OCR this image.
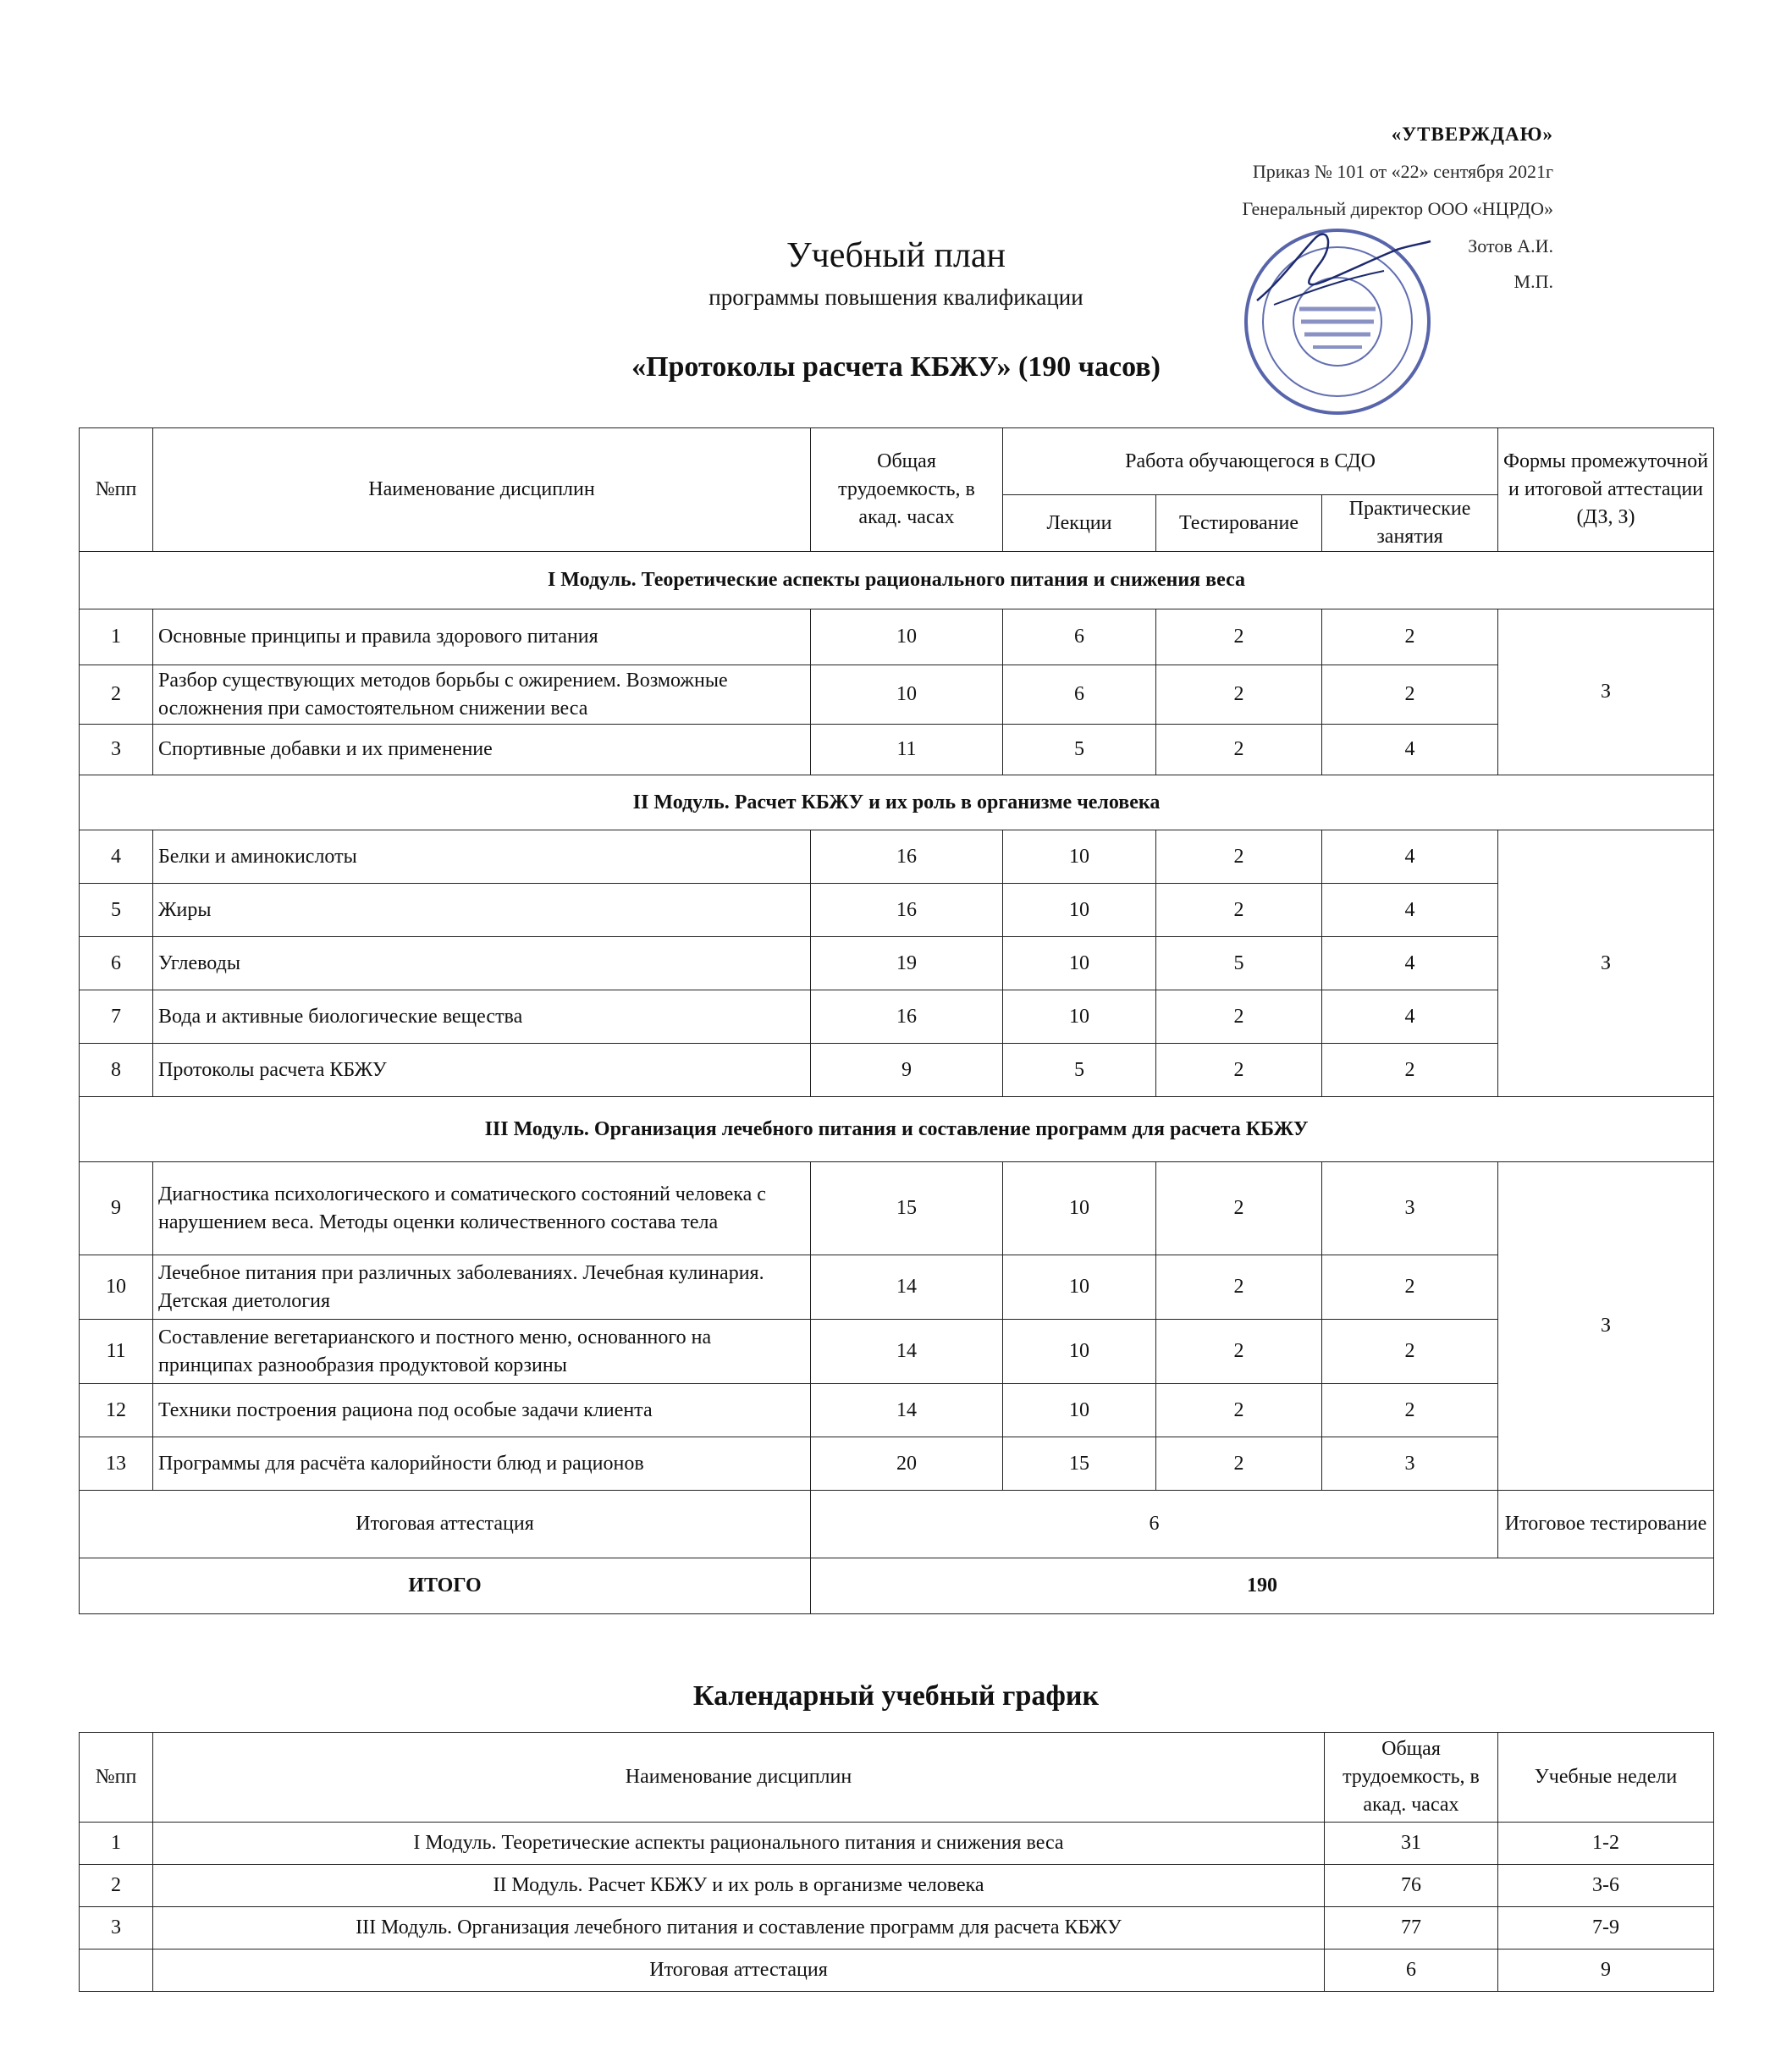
«УТВЕРЖДАЮ»
Приказ № 101 от «22» сентября 2021г
Генеральный директор ООО «НЦРДО»
Зотов А.И.
М.П.
Учебный план
программы повышения квалификации
«Протоколы расчета КБЖУ» (190 часов)
№пп	Наименование дисциплин	Общая трудоемкость, в акад. часах	Работа обучающегося в СДО			Формы промежуточной и итоговой аттестации (ДЗ, З)
			Лекции	Тестирование	Практические занятия	
I Модуль. Теоретические аспекты рационального питания и снижения веса						
1	Основные принципы и правила здорового питания	10	6	2	2	З
2	Разбор существующих методов борьбы с ожирением. Возможные осложнения при самостоятельном снижении веса	10	6	2	2	
3	Спортивные добавки и их применение	11	5	2	4	
II Модуль. Расчет КБЖУ и их роль в организме человека						
4	Белки и аминокислоты	16	10	2	4	З
5	Жиры	16	10	2	4	
6	Углеводы	19	10	5	4	
7	Вода и активные биологические вещества	16	10	2	4	
8	Протоколы расчета КБЖУ	9	5	2	2	
III Модуль. Организация лечебного питания и составление программ для расчета КБЖУ						
9	Диагностика психологического и соматического состояний человека с нарушением веса. Методы оценки количественного состава тела	15	10	2	3	З
10	Лечебное питания при различных заболеваниях. Лечебная кулинария. Детская диетология	14	10	2	2	
11	Составление вегетарианского и постного меню, основанного на принципах разнообразия продуктовой корзины	14	10	2	2	
12	Техники построения рациона под особые задачи клиента	14	10	2	2	
13	Программы для расчёта калорийности блюд и рационов	20	15	2	3	
Итоговая аттестация		6				Итоговое тестирование
ИТОГО		190				
Календарный учебный график
№пп	Наименование дисциплин	Общая трудоемкость, в акад. часах	Учебные недели
1	I Модуль. Теоретические аспекты рационального питания и снижения веса	31	1-2
2	II Модуль. Расчет КБЖУ и их роль в организме человека	76	3-6
3	III Модуль. Организация лечебного питания и составление программ для расчета КБЖУ	77	7-9
	Итоговая аттестация	6	9
